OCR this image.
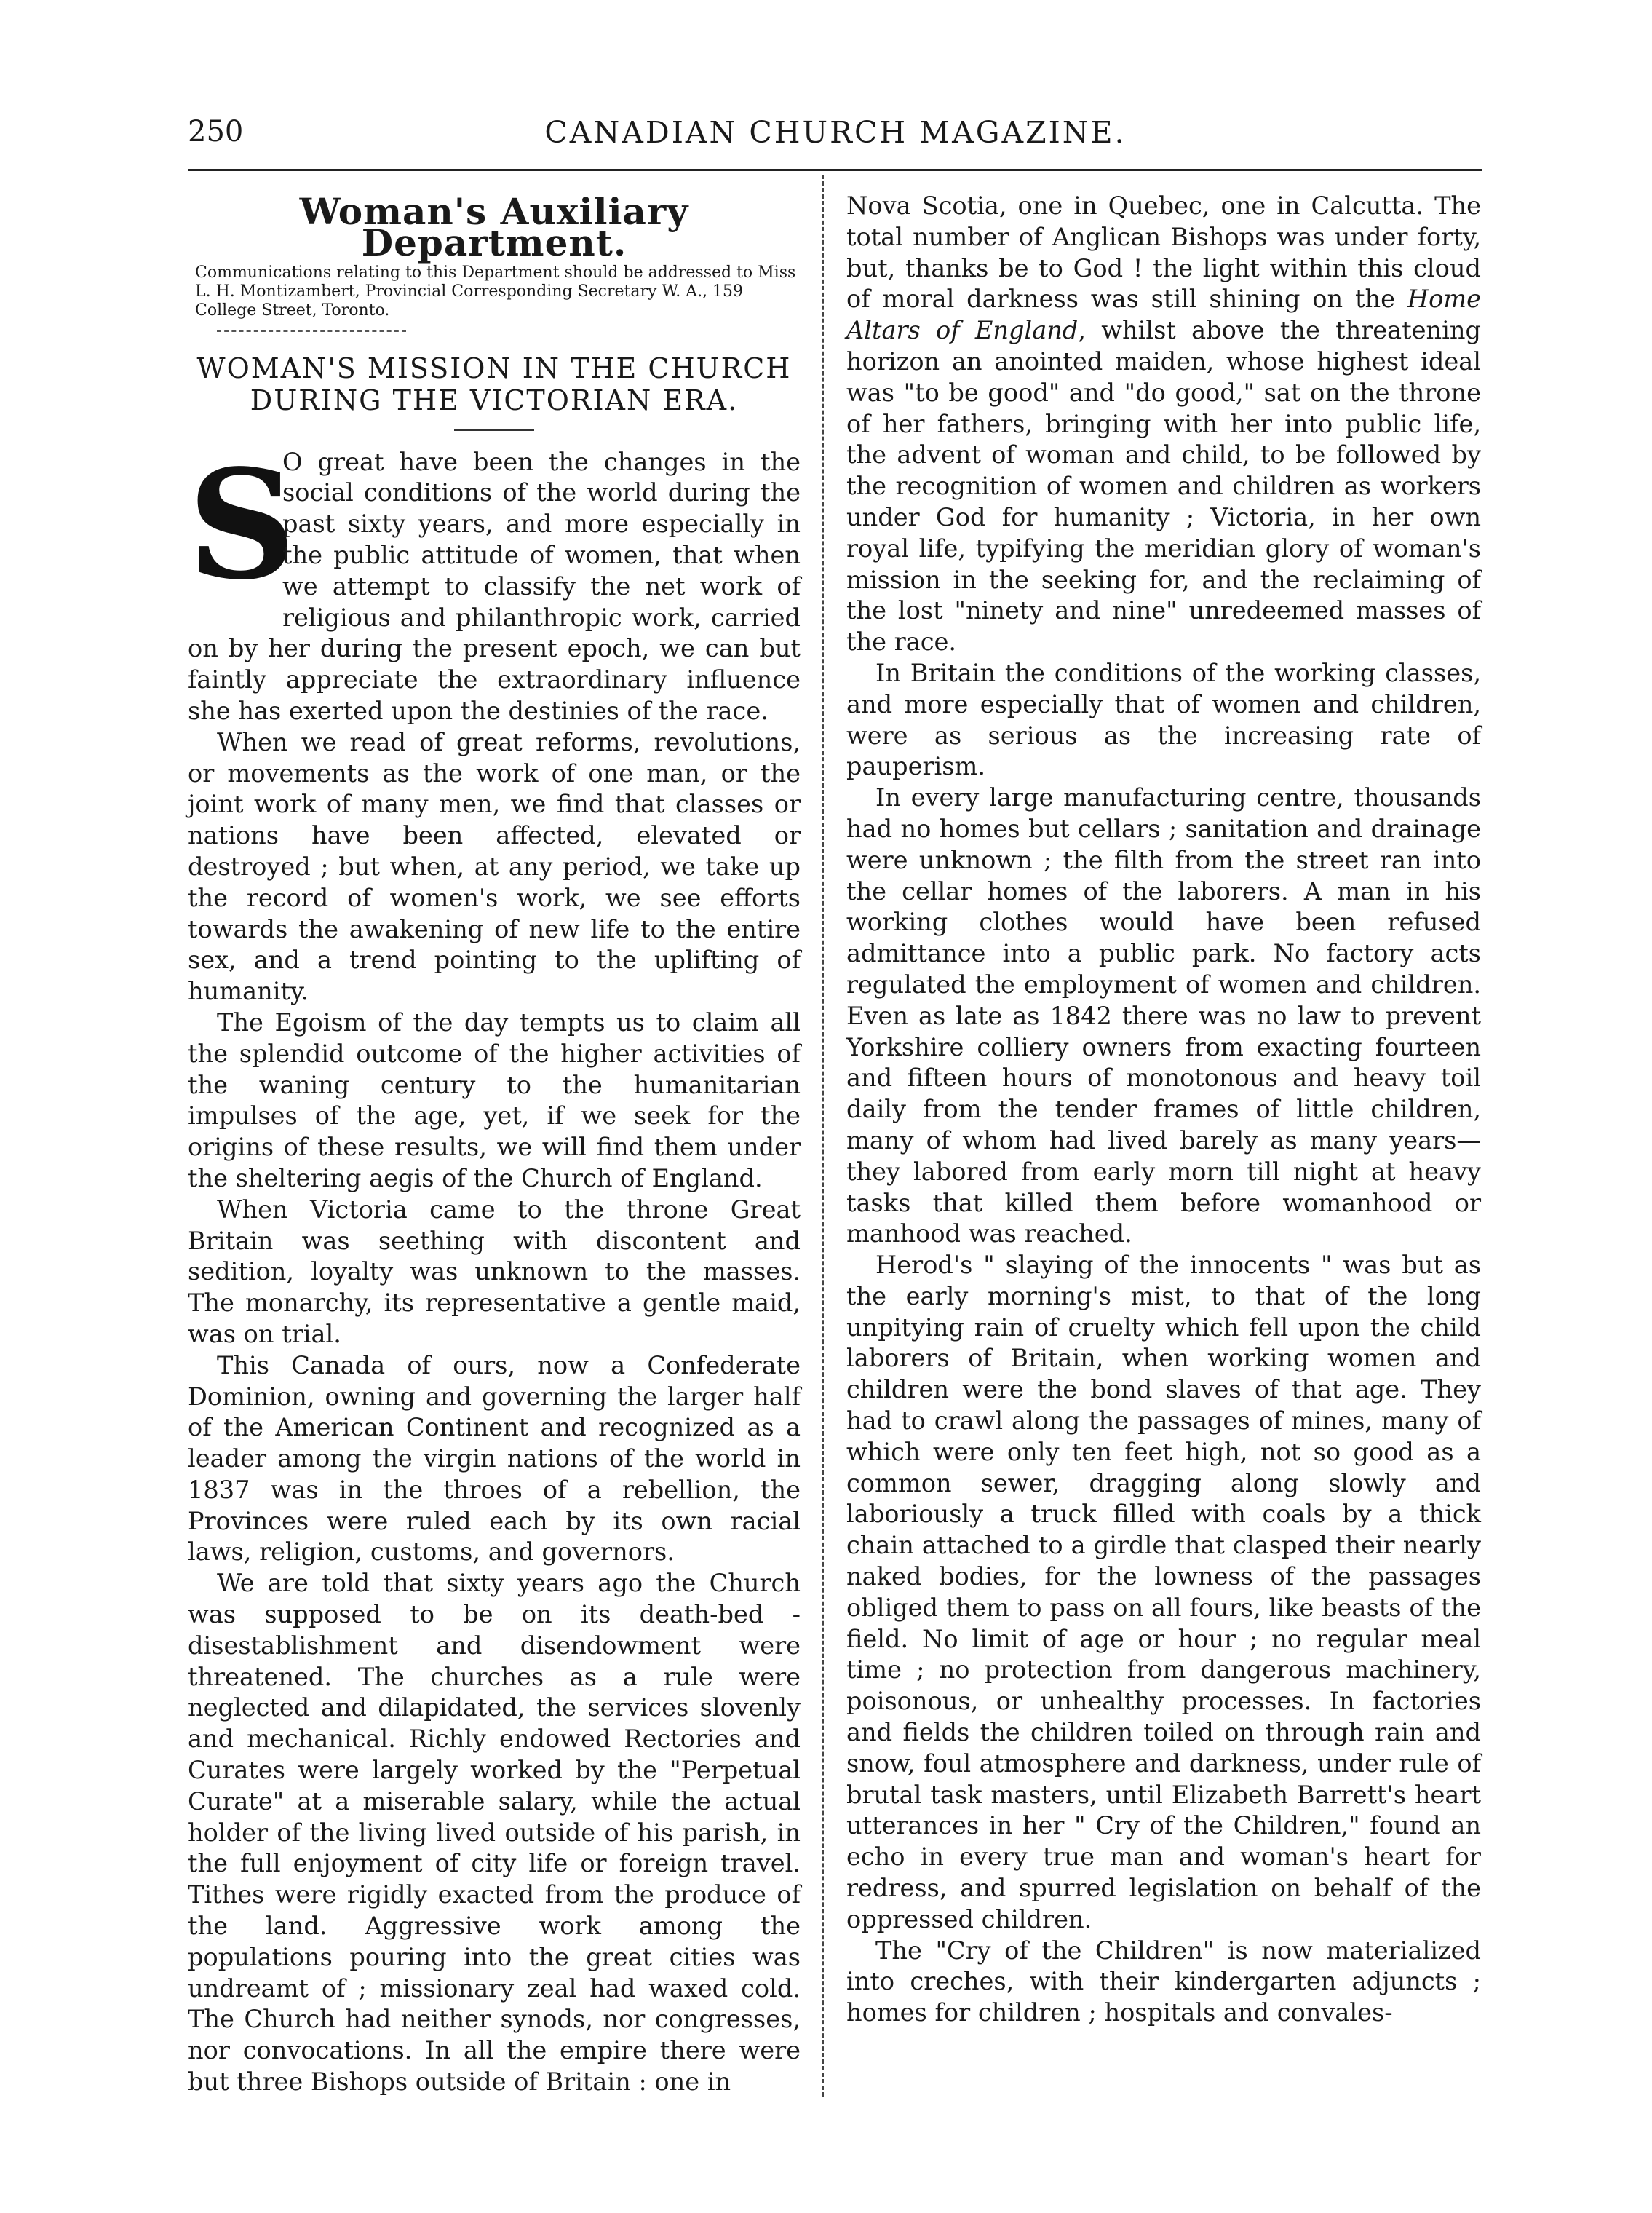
250	CANADIAN CHURCH MAGAZINE.
Woman's Auxiliary Department.
Communications relating to this Department should be addressed to Miss L. H. Montizambert, Provincial Corresponding Secretary W. A., 159 College Street, Toronto.
WOMAN'S MISSION IN THE CHURCH
DURING THE VICTORIAN ERA.

S
O great have been the changes in the social conditions of the world during the past sixty years, and more especially in the public attitude of women, that when we attempt to classify the net work of religious and philanthropic work, carried on by her during the present epoch, we can but faintly appreciate the extraordinary influence she has exerted upon the destinies of the race.

When we read of great reforms, revolutions, or movements as the work of one man, or the joint work of many men, we find that classes or nations have been affected, elevated or destroyed ; but when, at any period, we take up the record of women's work, we see efforts towards the awakening of new life to the entire sex, and a trend pointing to the uplifting of humanity.

The Egoism of the day tempts us to claim all the splendid outcome of the higher activities of the waning century to the humanitarian impulses of the age, yet, if we seek for the origins of these results, we will find them under the sheltering aegis of the Church of England.

When Victoria came to the throne Great Britain was seething with discontent and sedition, loyalty was unknown to the masses. The monarchy, its representative a gentle maid, was on trial.

This Canada of ours, now a Confederate Dominion, owning and governing the larger half of the American Continent and recognized as a leader among the virgin nations of the world in 1837 was in the throes of a rebellion, the Provinces were ruled each by its own racial laws, religion, customs, and governors.

We are told that sixty years ago the Church was supposed to be on its death-bed - disestablishment and disendowment were threatened. The churches as a rule were neglected and dilapidated, the services slovenly and mechanical. Richly endowed Rectories and Curates were largely worked by the "Perpetual Curate" at a miserable salary, while the actual holder of the living lived outside of his parish, in the full enjoyment of city life or foreign travel. Tithes were rigidly exacted from the produce of the land. Aggressive work among the populations pouring into the great cities was undreamt of ; missionary zeal had waxed cold. The Church had neither synods, nor congresses, nor convocations. In all the empire there were but three Bishops outside of Britain : one in

Nova Scotia, one in Quebec, one in Calcutta. The total number of Anglican Bishops was under forty, but, thanks be to God ! the light within this cloud of moral darkness was still shining on the Home Altars of England, whilst above the threatening horizon an anointed maiden, whose highest ideal was "to be good" and "do good," sat on the throne of her fathers, bringing with her into public life, the advent of woman and child, to be followed by the recognition of women and children as workers under God for humanity ; Victoria, in her own royal life, typifying the meridian glory of woman's mission in the seeking for, and the reclaiming of the lost "ninety and nine" unredeemed masses of the race.

In Britain the conditions of the working classes, and more especially that of women and children, were as serious as the increasing rate of pauperism.

In every large manufacturing centre, thousands had no homes but cellars ; sanitation and drainage were unknown ; the filth from the street ran into the cellar homes of the laborers. A man in his working clothes would have been refused admittance into a public park. No factory acts regulated the employment of women and children. Even as late as 1842 there was no law to prevent Yorkshire colliery owners from exacting fourteen and fifteen hours of monotonous and heavy toil daily from the tender frames of little children, many of whom had lived barely as many years—they labored from early morn till night at heavy tasks that killed them before womanhood or manhood was reached.

Herod's " slaying of the innocents " was but as the early morning's mist, to that of the long unpitying rain of cruelty which fell upon the child laborers of Britain, when working women and children were the bond slaves of that age. They had to crawl along the passages of mines, many of which were only ten feet high, not so good as a common sewer, dragging along slowly and laboriously a truck filled with coals by a thick chain attached to a girdle that clasped their nearly naked bodies, for the lowness of the passages obliged them to pass on all fours, like beasts of the field. No limit of age or hour ; no regular meal time ; no protection from dangerous machinery, poisonous, or unhealthy processes. In factories and fields the children toiled on through rain and snow, foul atmosphere and darkness, under rule of brutal task masters, until Elizabeth Barrett's heart utterances in her " Cry of the Children," found an echo in every true man and woman's heart for redress, and spurred legislation on behalf of the oppressed children.

The "Cry of the Children" is now materialized into creches, with their kindergarten adjuncts ; homes for children ; hospitals and convales-
